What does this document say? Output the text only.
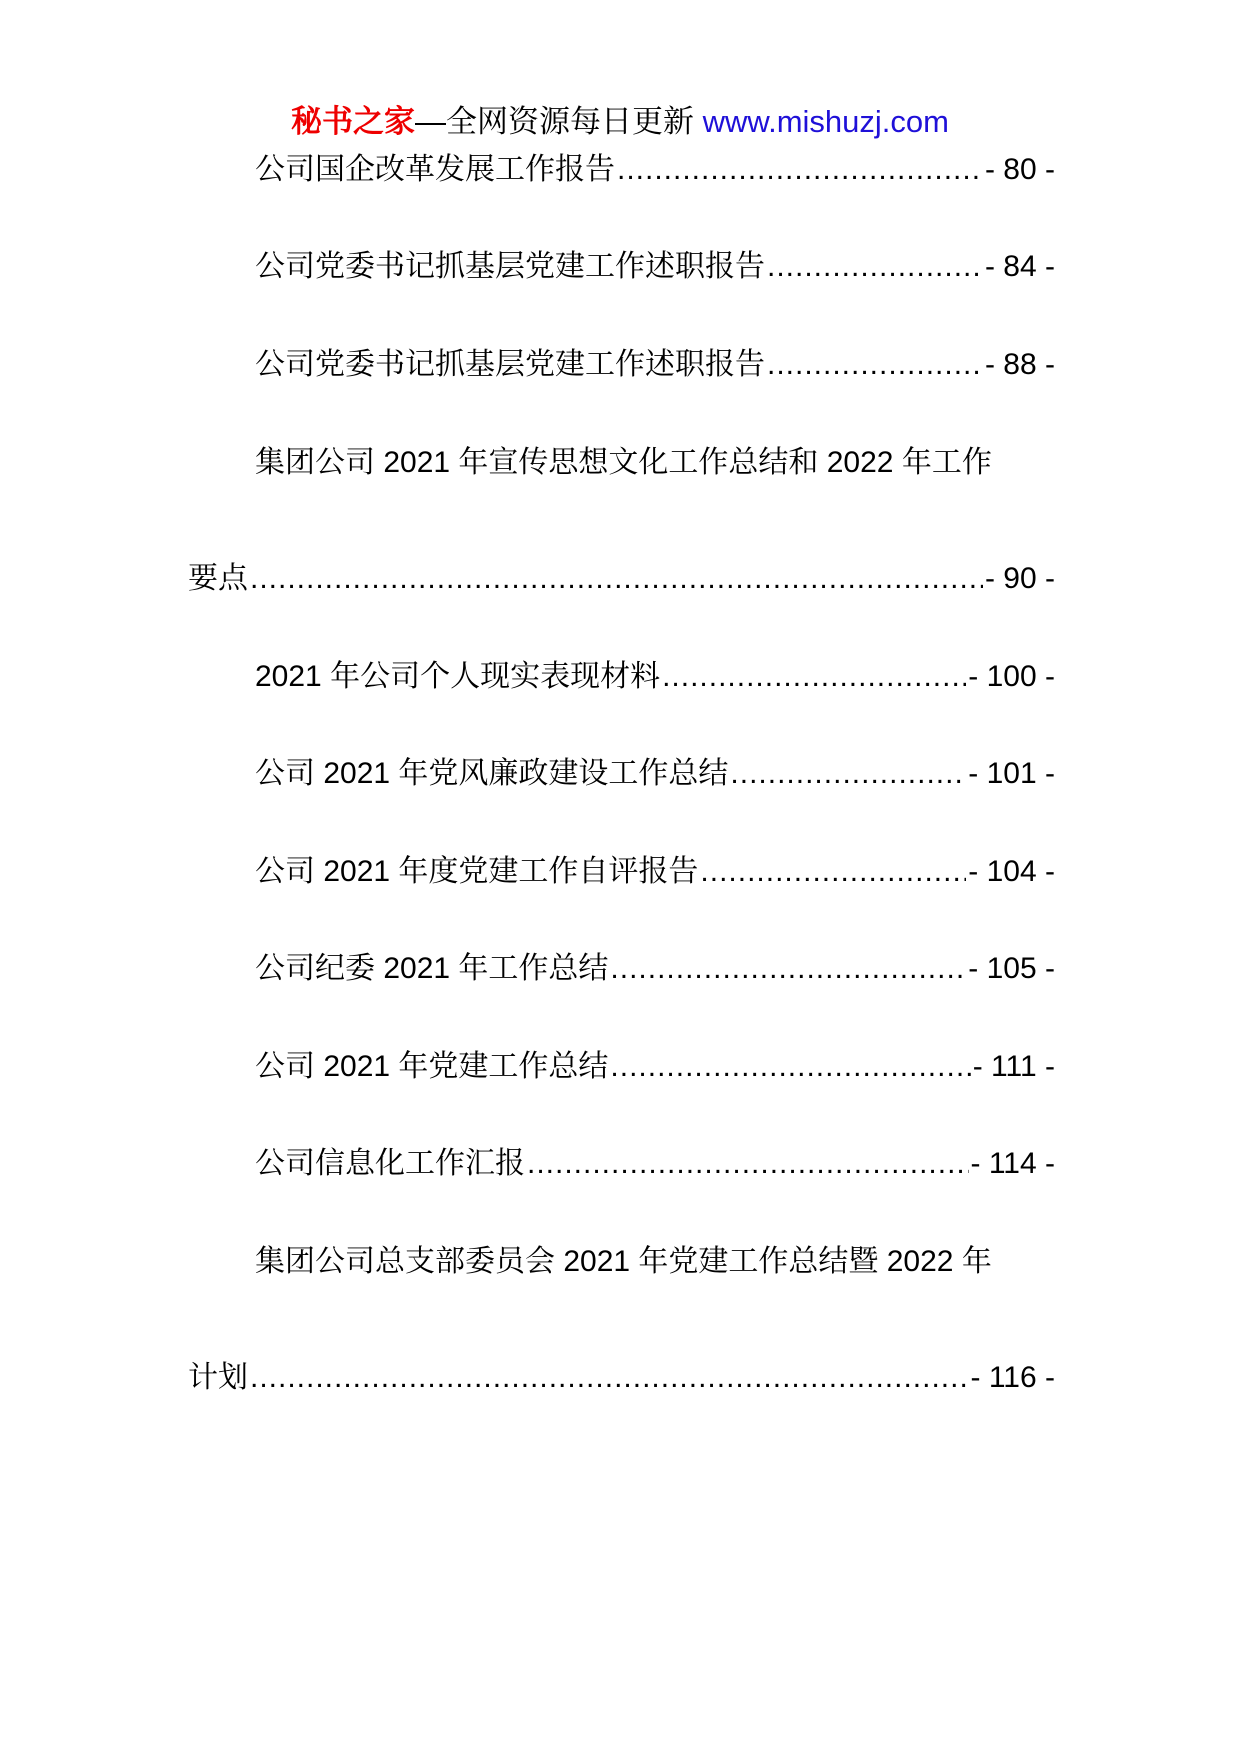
秘书之家—全网资源每日更新 www.mishuzj.com
公司国企改革发展工作报告 .....	- 80 -
公司党委书记抓基层党建工作述职报告 .....	- 84 -
公司党委书记抓基层党建工作述职报告 .....	- 88 -
集团公司 2021 年宣传思想文化工作总结和 2022 年工作
要点 .....	- 90 -
2021 年公司个人现实表现材料 .....	- 100 -
公司 2021 年党风廉政建设工作总结 .....	- 101 -
公司 2021 年度党建工作自评报告 .....	- 104 -
公司纪委 2021 年工作总结 .....	- 105 -
公司 2021 年党建工作总结 .....	- 111 -
公司信息化工作汇报 .....	- 114 -
集团公司总支部委员会 2021 年党建工作总结暨 2022 年
计划 .....	- 116 -
